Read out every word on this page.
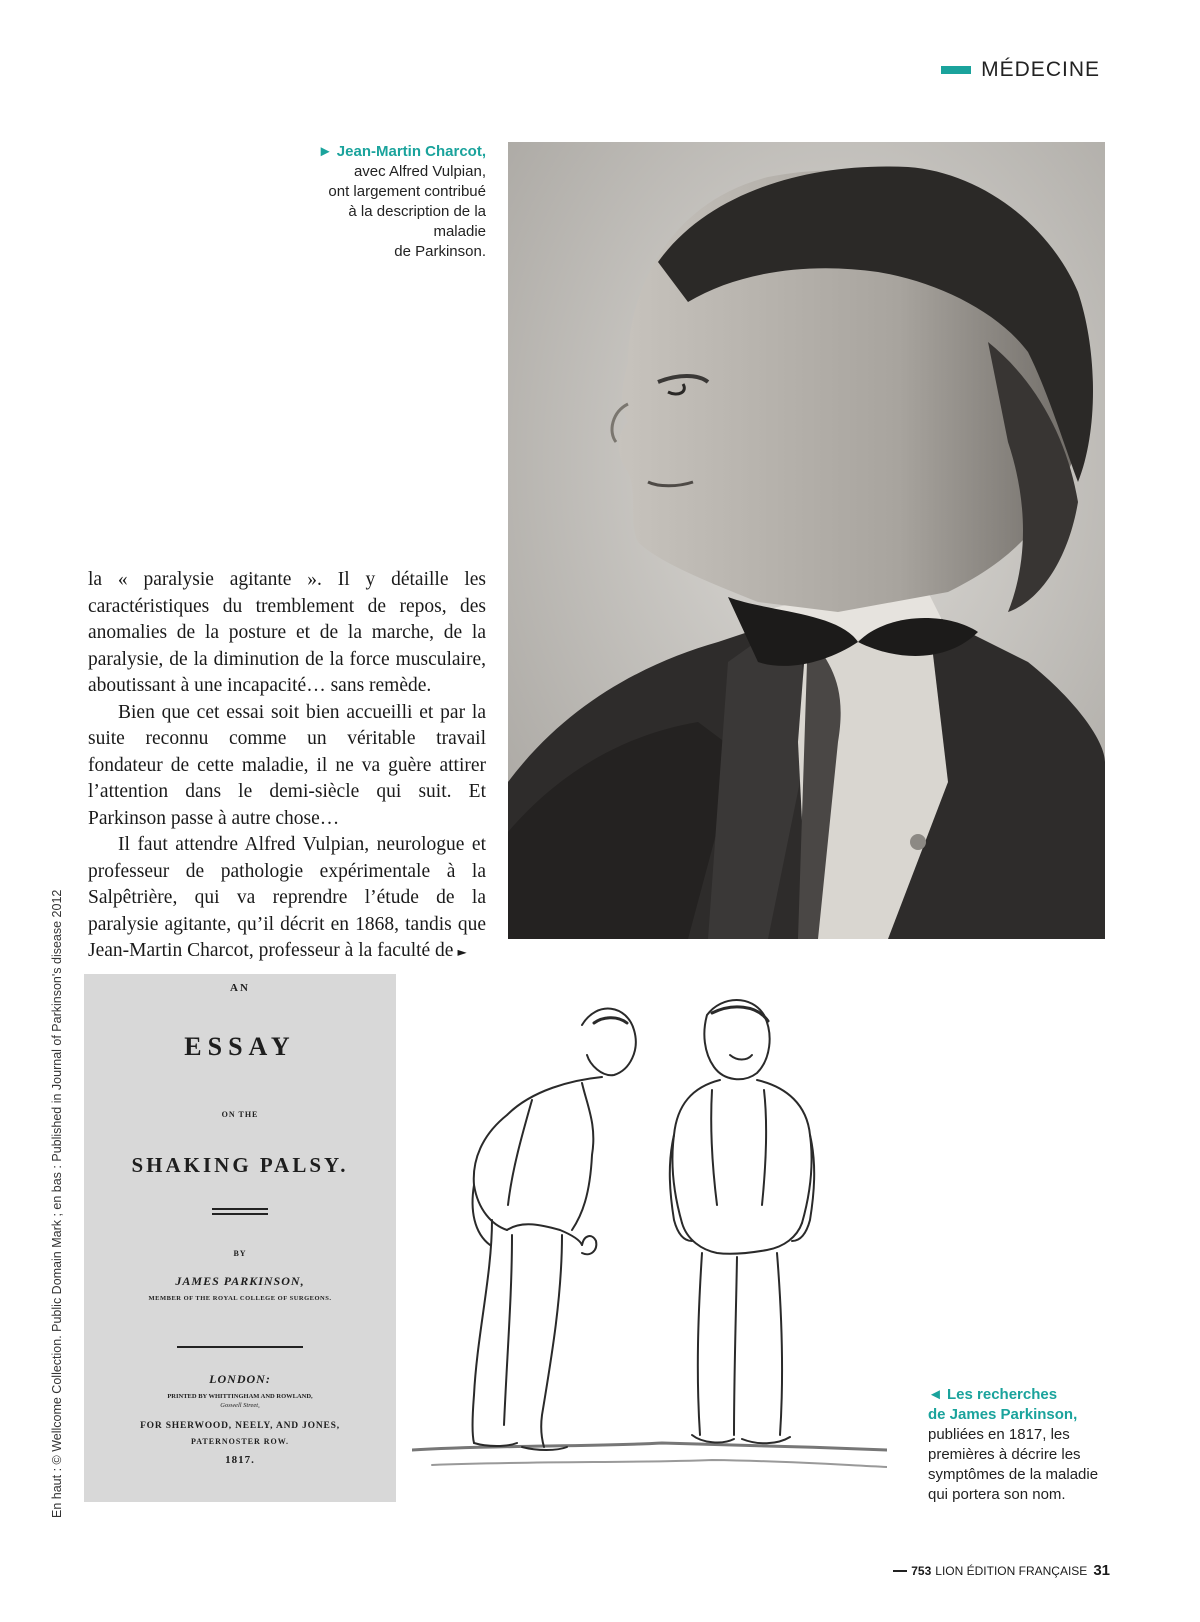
MÉDECINE
► Jean-Martin Charcot,
avec Alfred Vulpian,
ont largement contribué
à la description de la maladie
de Parkinson.

la « paralysie agitante ». Il y détaille les caractéristiques du tremblement de repos, des anomalies de la posture et de la marche, de la paralysie, de la diminution de la force musculaire, aboutissant à une incapacité… sans remède.

Bien que cet essai soit bien accueilli et par la suite reconnu comme un véritable travail fondateur de cette maladie, il ne va guère attirer l’attention dans le demi-siècle qui suit. Et Parkinson passe à autre chose…

Il faut attendre Alfred Vulpian, neurologue et professeur de pathologie expérimentale à la Salpêtrière, qui va reprendre l’étude de la paralysie agitante, qu’il décrit en 1868, tandis que Jean-Martin Charcot, professeur à la faculté de ►

AN
ESSAY
ON THE
SHAKING PALSY.
BY
JAMES PARKINSON,
MEMBER OF THE ROYAL COLLEGE OF SURGEONS.
LONDON:
PRINTED BY WHITTINGHAM AND ROWLAND,
Goswell Street,
FOR SHERWOOD, NEELY, AND JONES,
PATERNOSTER ROW.
1817.
◄ Les recherches
de James Parkinson,
publiées en 1817, les
premières à décrire les
symptômes de la maladie
qui portera son nom.
En haut : © Wellcome Collection. Public Domain Mark ; en bas : Published in Journal of Parkinson's disease 2012
753 LION ÉDITION FRANÇAISE 31
